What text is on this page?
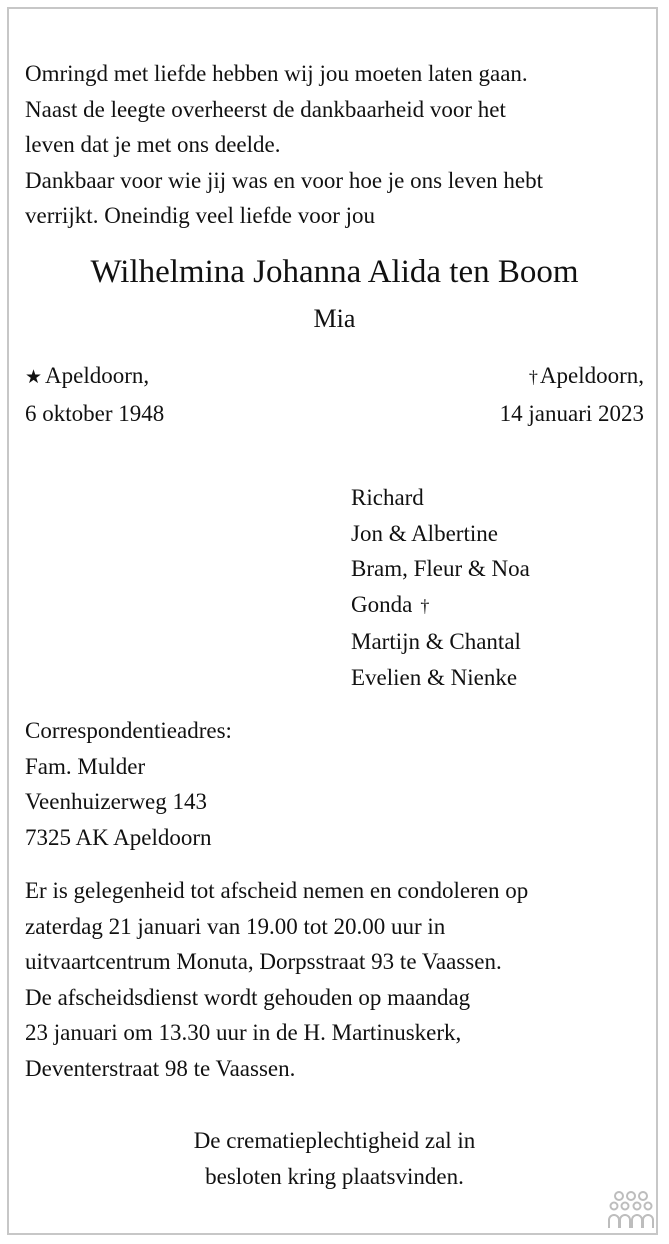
Omringd met liefde hebben wij jou moeten laten gaan.
Naast de leegte overheerst de dankbaarheid voor het
leven dat je met ons deelde.
Dankbaar voor wie jij was en voor hoe je ons leven hebt
verrijkt. Oneindig veel liefde voor jou
Wilhelmina Johanna Alida ten Boom
Mia
★ Apeldoorn,
6 oktober 1948
†Apeldoorn,
14 januari 2023
Richard
Jon & Albertine
Bram, Fleur & Noa
Gonda †
Martijn & Chantal
Evelien & Nienke
Correspondentieadres:
Fam. Mulder
Veenhuizerweg 143
7325 AK Apeldoorn
Er is gelegenheid tot afscheid nemen en condoleren op
zaterdag 21 januari van 19.00 tot 20.00 uur in
uitvaartcentrum Monuta, Dorpsstraat 93 te Vaassen.
De afscheidsdienst wordt gehouden op maandag
23 januari om 13.30 uur in de H. Martinuskerk,
Deventerstraat 98 te Vaassen.
De crematieplechtigheid zal in
besloten kring plaatsvinden.
